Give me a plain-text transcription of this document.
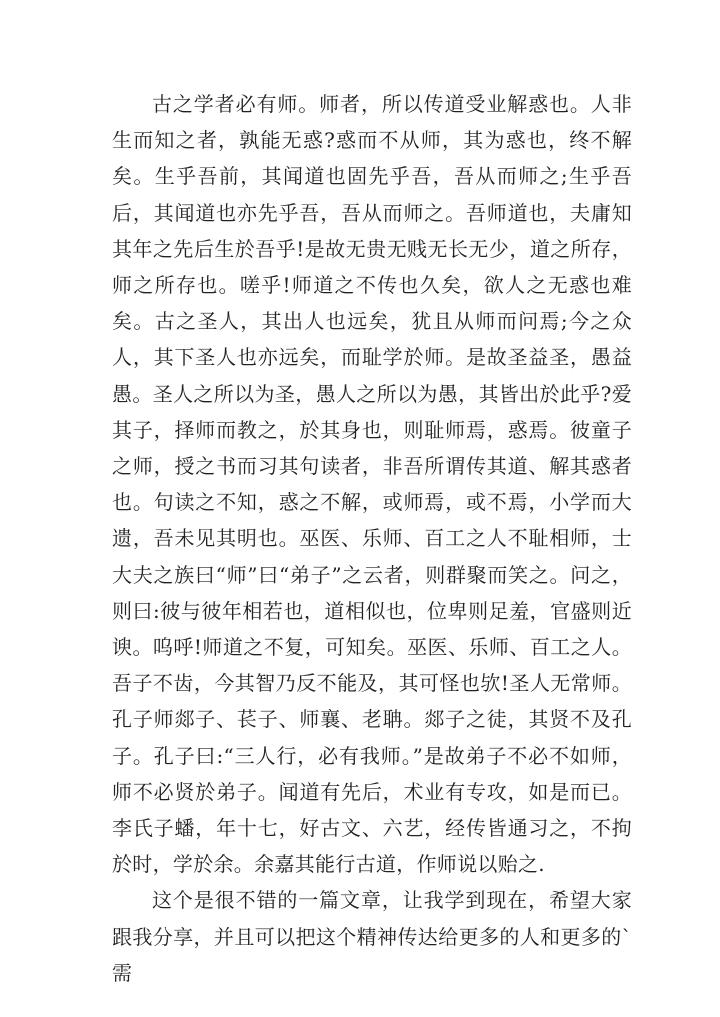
古之学者必有师。师者，所以传道受业解惑也。人非生而知之者，孰能无惑?惑而不从师，其为惑也，终不解矣。生乎吾前，其闻道也固先乎吾，吾从而师之;生乎吾后，其闻道也亦先乎吾，吾从而师之。吾师道也，夫庸知其年之先后生於吾乎!是故无贵无贱无长无少，道之所存，师之所存也。嗟乎!师道之不传也久矣，欲人之无惑也难矣。古之圣人，其出人也远矣，犹且从师而问焉;今之众人，其下圣人也亦远矣，而耻学於师。是故圣益圣，愚益愚。圣人之所以为圣，愚人之所以为愚，其皆出於此乎?爱其子，择师而教之，於其身也，则耻师焉，惑焉。彼童子之师，授之书而习其句读者，非吾所谓传其道、解其惑者也。句读之不知，惑之不解，或师焉，或不焉，小学而大遗，吾未见其明也。巫医、乐师、百工之人不耻相师，士大夫之族曰“师”曰“弟子”之云者，则群聚而笑之。问之，则曰:彼与彼年相若也，道相似也，位卑则足羞，官盛则近谀。呜呼!师道之不复，可知矣。巫医、乐师、百工之人。吾子不齿，今其智乃反不能及，其可怪也欤!圣人无常师。孔子师郯子、苌子、师襄、老聃。郯子之徒，其贤不及孔子。孔子曰:“三人行，必有我师。”是故弟子不必不如师，师不必贤於弟子。闻道有先后，术业有专攻，如是而已。李氏子蟠，年十七，好古文、六艺，经传皆通习之，不拘於时，学於余。余嘉其能行古道，作师说以贻之.

这个是很不错的一篇文章，让我学到现在，希望大家跟我分享，并且可以把这个精神传达给更多的人和更多的`需
